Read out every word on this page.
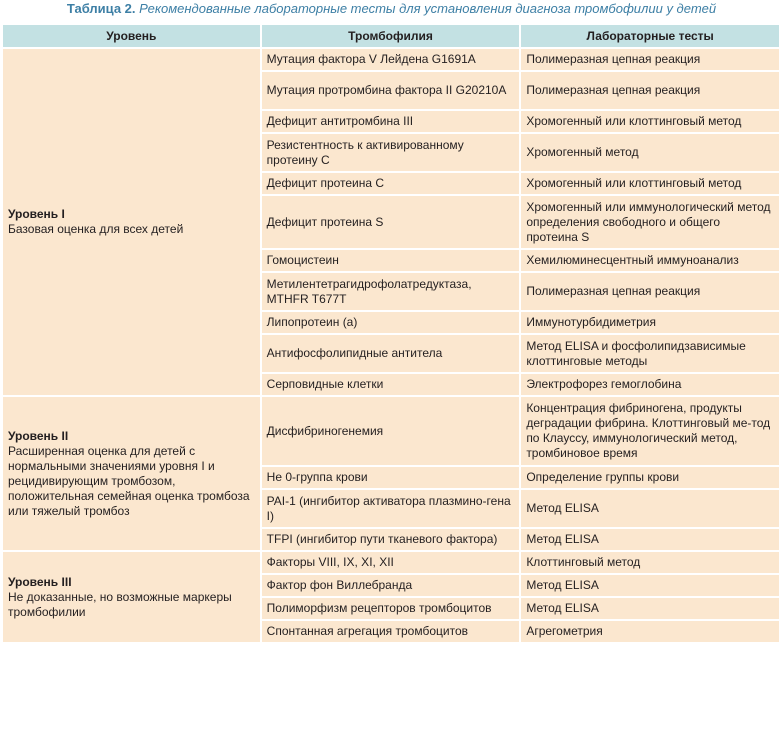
Таблица 2. Рекомендованные лабораторные тесты для установления диагноза тромбофилии у детей
Уровень	Тромбофилия	Лабораторные тесты

Уровень I
Базовая оценка для всех детей	Мутация фактора V Лейдена G1691A	Полимеразная цепная реакция
	Мутация протромбина фактора II G20210A	Полимеразная цепная реакция
	Дефицит антитромбина III	Хромогенный или клоттинговый метод
	Резистентность к активированному протеину C	Хромогенный метод
	Дефицит протеина C	Хромогенный или клоттинговый метод
	Дефицит протеина S	Хромогенный или иммунологический метод определения свободного и общего протеина S
	Гомоцистеин	Хемилюминесцентный иммуноанализ
	Метилентетрагидрофолатредуктаза, MTHFR T677T	Полимеразная цепная реакция
	Липопротеин (a)	Иммунотурбидиметрия
	Антифосфолипидные антитела	Метод ELISA и фосфолипидзависимые клоттинговые методы
	Серповидные клетки	Электрофорез гемоглобина

Уровень II
Расширенная оценка для детей с нормальными значениями уровня I и рецидивирующим тромбозом, положительная семейная оценка тромбоза или тяжелый тромбоз	Дисфибриногенемия	Концентрация фибриногена, продукты деградации фибрина. Клоттинговый ме-тод по Клауссу, иммунологический метод, тромбиновое время
	Не 0-группа крови	Определение группы крови
	PAI-1 (ингибитор активатора плазмино-гена I)	Метод ELISA
	TFPI (ингибитор пути тканевого фактора)	Метод ELISA

Уровень III
Не доказанные, но возможные маркеры тромбофилии	Факторы VIII, IX, XI, XII	Клоттинговый метод
	Фактор фон Виллебранда	Метод ELISA
	Полиморфизм рецепторов тромбоцитов	Метод ELISA
	Спонтанная агрегация тромбоцитов	Агрегометрия
